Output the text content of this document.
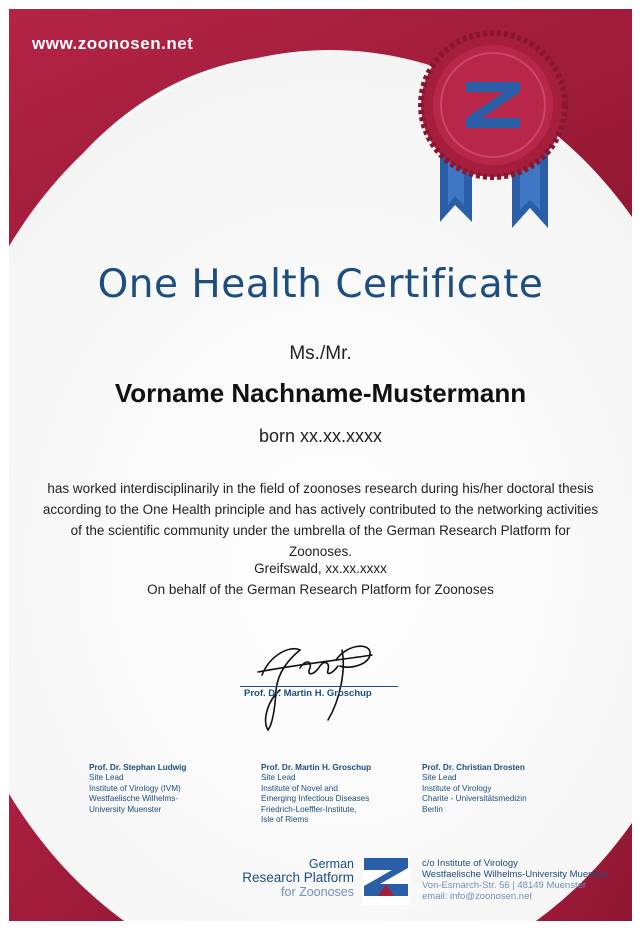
www.zoonosen.net
One Health Certificate
Ms./Mr.
Vorname Nachname-Mustermann
born xx.xx.xxxx
has worked interdisciplinarily in the field of zoonoses research during his/her doctoral thesis according to the One Health principle and has actively contributed to the networking activities of the scientific community under the umbrella of the German Research Platform for Zoonoses.
Greifswald, xx.xx.xxxx
On behalf of the German Research Platform for Zoonoses
Prof. Dr. Martin H. Groschup
Prof. Dr. Stephan Ludwig
Site Lead
Institute of Virology (IVM)
Westfaelische Wilhelms-
University Muenster
Prof. Dr. Martin H. Groschup
Site Lead
Institute of Novel and
Emerging Infectious Diseases
Friedrich-Loeffler-Institute,
Isle of Riems
Prof. Dr. Christian Drosten
Site Lead
Institute of Virology
Charite - Universitätsmedizin
Berlin
German
Research Platform
for Zoonoses
c/o Institute of Virology
Westfaelische Wilhelms-University Muenster
Von-Esmarch-Str. 56 | 48149 Muenster
email: info@zoonosen.net
